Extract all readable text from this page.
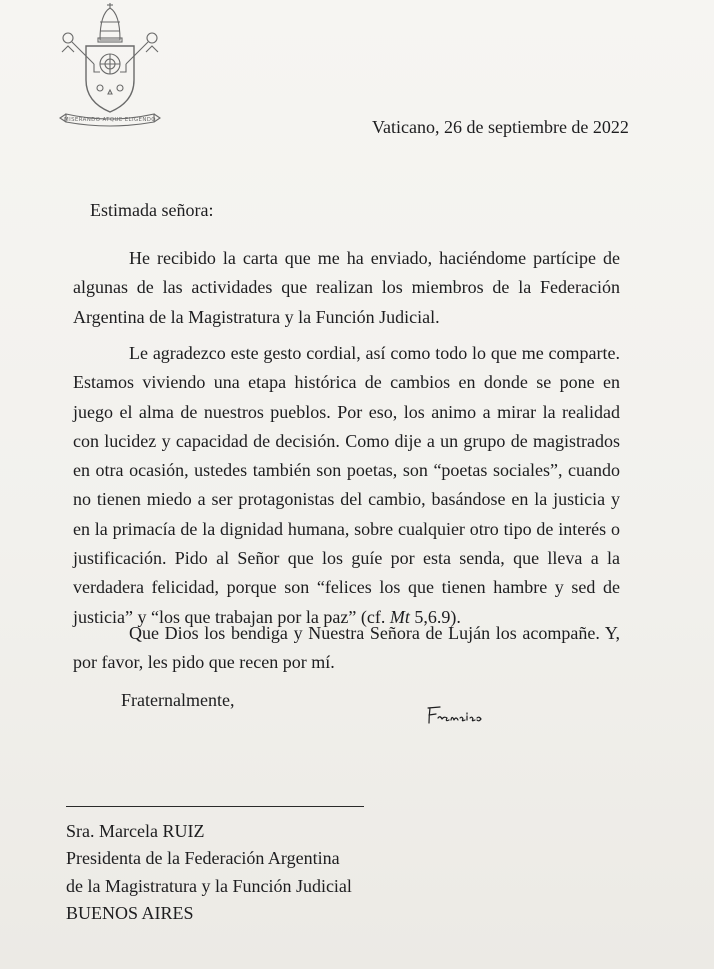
MISERANDO ATQUE ELIGENDO	Vaticano, 26 de septiembre de 2022
Estimada señora:

He recibido la carta que me ha enviado, haciéndome partícipe de algunas de las actividades que realizan los miembros de la Federación Argentina de la Magistratura y la Función Judicial.

Le agradezco este gesto cordial, así como todo lo que me comparte. Estamos viviendo una etapa histórica de cambios en donde se pone en juego el alma de nuestros pueblos. Por eso, los animo a mirar la realidad con lucidez y capacidad de decisión. Como dije a un grupo de magistrados en otra ocasión, ustedes también son poetas, son “poetas sociales”, cuando no tienen miedo a ser protagonistas del cambio, basándose en la justicia y en la primacía de la dignidad humana, sobre cualquier otro tipo de interés o justificación. Pido al Señor que los guíe por esta senda, que lleva a la verdadera felicidad, porque son “felices los que tienen hambre y sed de justicia” y “los que trabajan por la paz” (cf. Mt 5,6.9).

Que Dios los bendiga y Nuestra Señora de Luján los acompañe. Y, por favor, les pido que recen por mí.

Fraternalmente,
Sra. Marcela RUIZ
Presidenta de la Federación Argentina
de la Magistratura y la Función Judicial
BUENOS AIRES
